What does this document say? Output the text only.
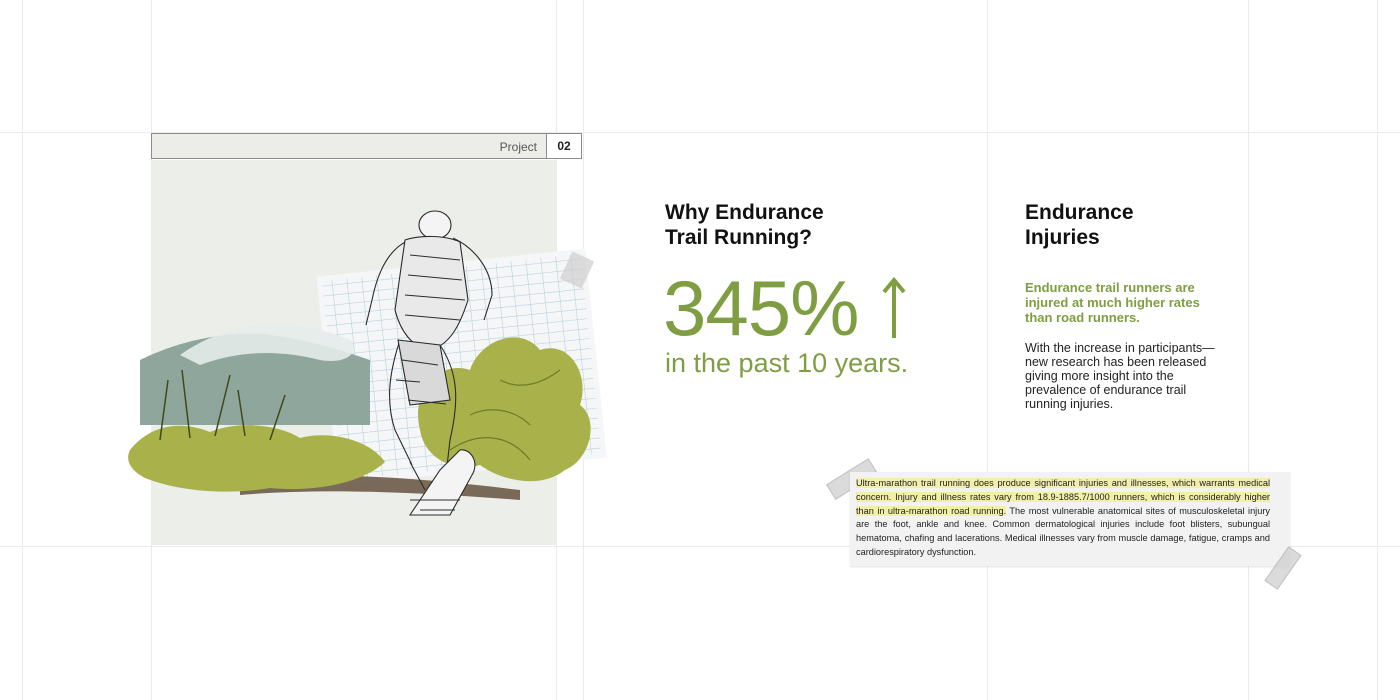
Project	02
Why Endurance
Trail Running?
345%
in the past 10 years.
Endurance
Injuries
Endurance trail runners are injured at much higher rates than road runners.
With the increase in participants— new research has been released giving more insight into the prevalence of endurance trail running injuries.
Ultra-marathon trail running does produce significant injuries and illnesses, which warrants medical concern. Injury and illness rates vary from 18.9-1885.7/1000 runners, which is considerably higher than in ultra-marathon road running. The most vulnerable anatomical sites of musculoskeletal injury are the foot, ankle and knee. Common dermatological injuries include foot blisters, subungual hematoma, chafing and lacerations. Medical illnesses vary from muscle damage, fatigue, cramps and cardiorespiratory dysfunction.
